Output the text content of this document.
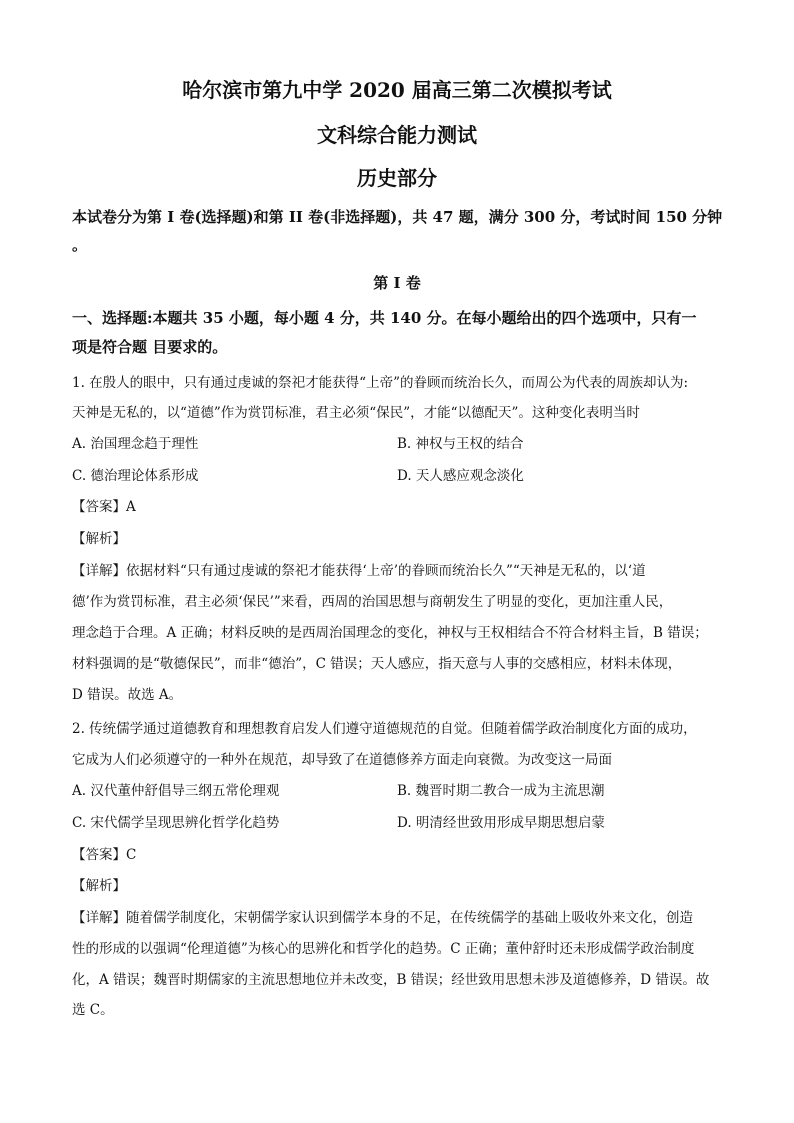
哈尔滨市第九中学 2020 届高三第二次模拟考试
文科综合能力测试
历史部分
本试卷分为第 I 卷(选择题)和第 II 卷(非选择题)，共 47 题，满分 300 分，考试时间 150 分钟
。
第 I 卷
一、选择题:本题共 35 小题，每小题 4 分，共 140 分。在每小题给出的四个选项中，只有一
项是符合题 目要求的。
1. 在殷人的眼中，只有通过虔诚的祭祀才能获得“上帝”的眷顾而统治长久，而周公为代表的周族却认为:
天神是无私的，以“道德”作为赏罚标准，君主必须“保民”，才能“以德配天”。这种变化表明当时
A. 治国理念趋于理性	B. 神权与王权的结合
C. 德治理论体系形成	D. 天人感应观念淡化
【答案】A
【解析】
【详解】依据材料“只有通过虔诚的祭祀才能获得‘上帝’的眷顾而统治长久”“天神是无私的，以‘道
德’作为赏罚标准，君主必须‘保民’”来看，西周的治国思想与商朝发生了明显的变化，更加注重人民，
理念趋于合理。A 正确；材料反映的是西周治国理念的变化，神权与王权相结合不符合材料主旨，B 错误；
材料强调的是“敬德保民”，而非“德治”，C 错误；天人感应，指天意与人事的交感相应，材料未体现，
D 错误。故选 A。
2. 传统儒学通过道德教育和理想教育启发人们遵守道德规范的自觉。但随着儒学政治制度化方面的成功，
它成为人们必须遵守的一种外在规范，却导致了在道德修养方面走向衰微。为改变这一局面
A. 汉代董仲舒倡导三纲五常伦理观	B. 魏晋时期二教合一成为主流思潮
C. 宋代儒学呈现思辨化哲学化趋势	D. 明清经世致用形成早期思想启蒙
【答案】C
【解析】
【详解】随着儒学制度化，宋朝儒学家认识到儒学本身的不足，在传统儒学的基础上吸收外来文化，创造
性的形成的以强调“伦理道德”为核心的思辨化和哲学化的趋势。C 正确；董仲舒时还未形成儒学政治制度
化，A 错误；魏晋时期儒家的主流思想地位并未改变，B 错误；经世致用思想未涉及道德修养，D 错误。故
选 C。
